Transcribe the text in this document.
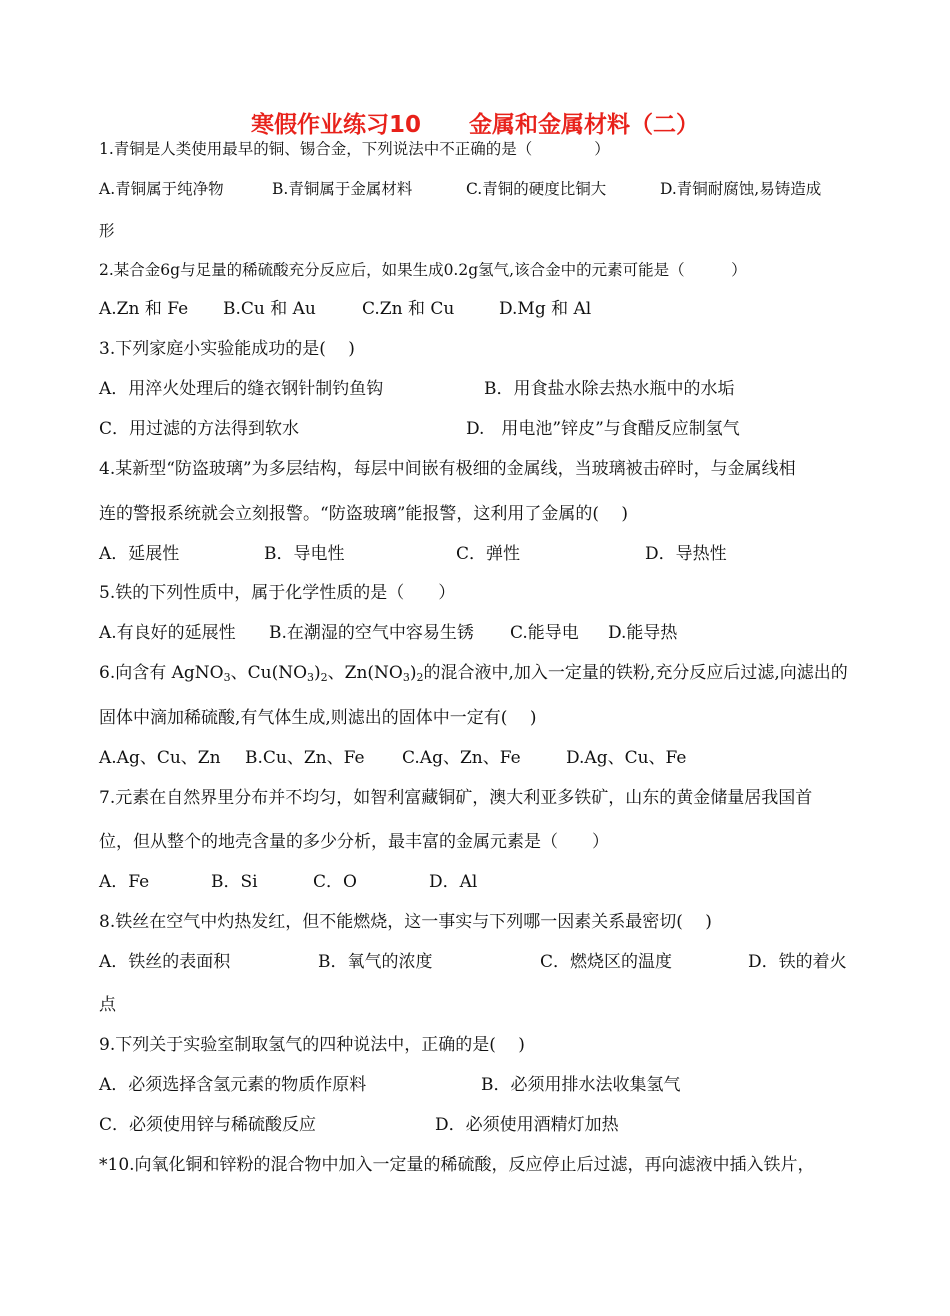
寒假作业练习10      金属和金属材料（二）
1.青铜是人类使用最早的铜、锡合金，下列说法中不正确的是（　　　　）
A.青铜属于纯净物	B.青铜属于金属材料	C.青铜的硬度比铜大	D.青铜耐腐蚀,易铸造成
形
2.某合金6g与足量的稀硫酸充分反应后，如果生成0.2g氢气,该合金中的元素可能是（　　　）
A.Zn 和 Fe B.Cu 和 Au	C.Zn 和 Cu	D.Mg 和 Al
3.下列家庭小实验能成功的是(　 )
A．用淬火处理后的缝衣钢针制钓鱼钩	B．用食盐水除去热水瓶中的水垢
C．用过滤的方法得到软水	D.　用电池”锌皮”与食醋反应制氢气
4.某新型“防盗玻璃”为多层结构，每层中间嵌有极细的金属线，当玻璃被击碎时，与金属线相
连的警报系统就会立刻报警。“防盗玻璃”能报警，这利用了金属的(　 )
A．延展性	B．导电性	C．弹性	D．导热性
5.铁的下列性质中，属于化学性质的是（　　）
A.有良好的延展性 B.在潮湿的空气中容易生锈 C.能导电 D.能导热
6.向含有 AgNO$_3$、$Cu(NO_3)_2$、$Zn(NO_3)_2$的混合液中,加入一定量的铁粉,充分反应后过滤,向滤出的
固体中滴加稀硫酸,有气体生成,则滤出的固体中一定有(　 )
A.Ag、Cu、Zn B.Cu、Zn、Fe C.Ag、Zn、Fe	D.Ag、Cu、Fe
7.元素在自然界里分布并不均匀，如智利富藏铜矿，澳大利亚多铁矿，山东的黄金储量居我国首
位，但从整个的地壳含量的多少分析，最丰富的金属元素是（　　）
A．Fe	B．Si	C．O	D．Al
8.铁丝在空气中灼热发红，但不能燃烧，这一事实与下列哪一因素关系最密切(　 )
A．铁丝的表面积	B．氧气的浓度	C．燃烧区的温度	D．铁的着火
点
9.下列关于实验室制取氢气的四种说法中，正确的是(　 )
A．必须选择含氢元素的物质作原料	B．必须用排水法收集氢气
C．必须使用锌与稀硫酸反应	D．必须使用酒精灯加热
*10.向氧化铜和锌粉的混合物中加入一定量的稀硫酸，反应停止后过滤，再向滤液中插入铁片，
